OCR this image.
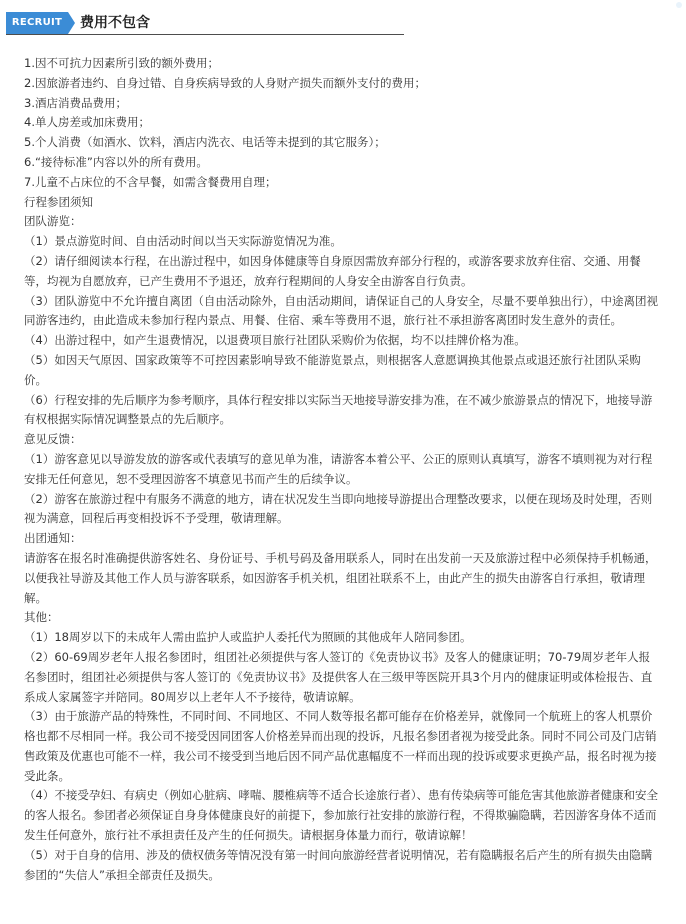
RECRUIT	费用不包含

1.因不可抗力因素所引致的额外费用；

2.因旅游者违约、自身过错、自身疾病导致的人身财产损失而额外支付的费用；

3.酒店消费品费用；

4.单人房差或加床费用；

5.个人消费（如酒水、饮料，酒店内洗衣、电话等未提到的其它服务）；

6.“接待标准”内容以外的所有费用。

7.儿童不占床位的不含早餐，如需含餐费用自理；

行程参团须知

团队游览：

（1）景点游览时间、自由活动时间以当天实际游览情况为准。

（2）请仔细阅读本行程，在出游过程中，如因身体健康等自身原因需放弃部分行程的，或游客要求放弃住宿、交通、用餐等，均视为自愿放弃，已产生费用不予退还，放弃行程期间的人身安全由游客自行负责。

（3）团队游览中不允许擅自离团（自由活动除外，自由活动期间，请保证自己的人身安全，尽量不要单独出行），中途离团视同游客违约，由此造成未参加行程内景点、用餐、住宿、乘车等费用不退，旅行社不承担游客离团时发生意外的责任。

（4）出游过程中，如产生退费情况，以退费项目旅行社团队采购价为依据，均不以挂牌价格为准。

（5）如因天气原因、国家政策等不可控因素影响导致不能游览景点，则根据客人意愿调换其他景点或退还旅行社团队采购价。

（6）行程安排的先后顺序为参考顺序，具体行程安排以实际当天地接导游安排为准，在不减少旅游景点的情况下，地接导游有权根据实际情况调整景点的先后顺序。

意见反馈：

（1）游客意见以导游发放的游客或代表填写的意见单为准，请游客本着公平、公正的原则认真填写，游客不填则视为对行程安排无任何意见，恕不受理因游客不填意见书而产生的后续争议。

（2）游客在旅游过程中有服务不满意的地方，请在状况发生当即向地接导游提出合理整改要求，以便在现场及时处理，否则视为满意，回程后再变相投诉不予受理，敬请理解。

出团通知：

请游客在报名时准确提供游客姓名、身份证号、手机号码及备用联系人，同时在出发前一天及旅游过程中必须保持手机畅通，以便我社导游及其他工作人员与游客联系，如因游客手机关机，组团社联系不上，由此产生的损失由游客自行承担，敬请理解。

其他：

（1）18周岁以下的未成年人需由监护人或监护人委托代为照顾的其他成年人陪同参团。

（2）60-69周岁老年人报名参团时，组团社必须提供与客人签订的《免责协议书》及客人的健康证明；70-79周岁老年人报名参团时，组团社必须提供与客人签订的《免责协议书》及提供客人在三级甲等医院开具3个月内的健康证明或体检报告、直系成人家属签字并陪同。80周岁以上老年人不予接待，敬请谅解。

（3）由于旅游产品的特殊性，不同时间、不同地区、不同人数等报名都可能存在价格差异，就像同一个航班上的客人机票价格也都不尽相同一样。我公司不接受因同团客人价格差异而出现的投诉，凡报名参团者视为接受此条。同时不同公司及门店销售政策及优惠也可能不一样，我公司不接受到当地后因不同产品优惠幅度不一样而出现的投诉或要求更换产品，报名时视为接受此条。

（4）不接受孕妇、有病史（例如心脏病、哮喘、腰椎病等不适合长途旅行者）、患有传染病等可能危害其他旅游者健康和安全的客人报名。参团者必须保证自身身体健康良好的前提下，参加旅行社安排的旅游行程，不得欺骗隐瞒，若因游客身体不适而发生任何意外，旅行社不承担责任及产生的任何损失。请根据身体量力而行，敬请谅解！

（5）对于自身的信用、涉及的债权债务等情况没有第一时间向旅游经营者说明情况，若有隐瞒报名后产生的所有损失由隐瞒参团的“失信人”承担全部责任及损失。
